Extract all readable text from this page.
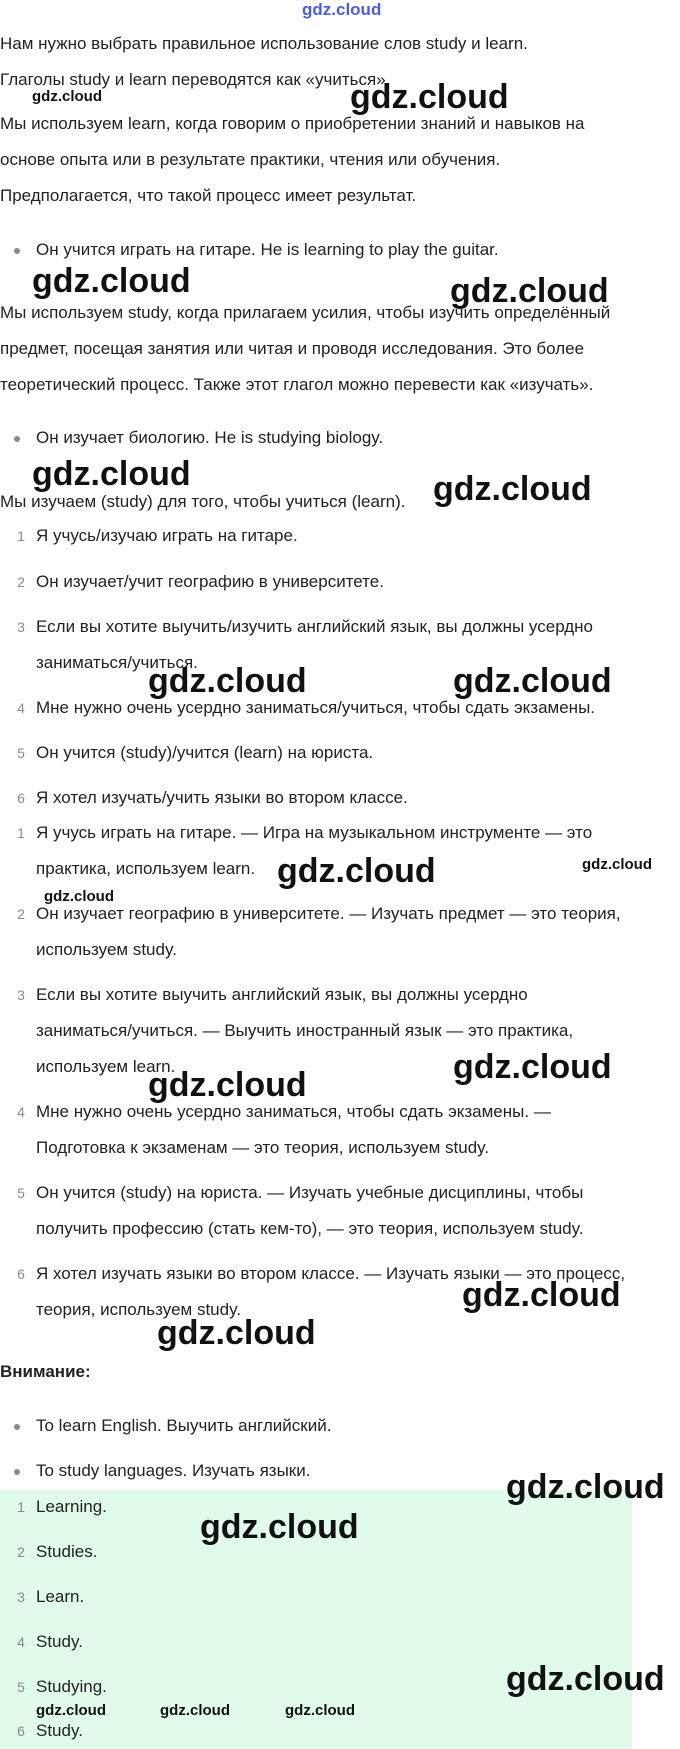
gdz.cloud
Нам нужно выбрать правильное использование слов study и learn.
Глаголы study и learn переводятся как «учиться».
Мы используем learn, когда говорим о приобретении знаний и навыков на
основе опыта или в результате практики, чтения или обучения.
Предполагается, что такой процесс имеет результат.
Он учится играть на гитаре. He is learning to play the guitar.
Мы используем study, когда прилагаем усилия, чтобы изучить определённый
предмет, посещая занятия или читая и проводя исследования. Это более
теоретический процесс. Также этот глагол можно перевести как «изучать».
Он изучает биологию. He is studying biology.
Мы изучаем (study) для того, чтобы учиться (learn).
1 Я учусь/изучаю играть на гитаре.
2 Он изучает/учит географию в университете.
3 Если вы хотите выучить/изучить английский язык, вы должны усердно
заниматься/учиться.
4 Мне нужно очень усердно заниматься/учиться, чтобы сдать экзамены.
5 Он учится (study)/учится (learn) на юриста.
6 Я хотел изучать/учить языки во втором классе.
1 Я учусь играть на гитаре. — Игра на музыкальном инструменте — это
практика, используем learn.
2 Он изучает географию в университете. — Изучать предмет — это теория,
используем study.
3 Если вы хотите выучить английский язык, вы должны усердно
заниматься/учиться. — Выучить иностранный язык — это практика,
используем learn.
4 Мне нужно очень усердно заниматься, чтобы сдать экзамены. —
Подготовка к экзаменам — это теория, используем study.
5 Он учится (study) на юриста. — Изучать учебные дисциплины, чтобы
получить профессию (стать кем-то), — это теория, используем study.
6 Я хотел изучать языки во втором классе. — Изучать языки — это процесс,
теория, используем study.
Внимание:
To learn English. Выучить английский.
To study languages. Изучать языки.
1 Learning.
2 Studies.
3 Learn.
4 Study.
5 Studying.
6 Study.
gdz.cloud	gdz.cloud
gdz.cloud	gdz.cloud
gdz.cloud	gdz.cloud
gdz.cloud	gdz.cloud
gdz.cloud	gdz.cloud
gdz.cloud
gdz.cloud
gdz.cloud
gdz.cloud
gdz.cloud
gdz.cloud
gdz.cloud
gdz.cloud
gdz.cloud	gdz.cloud	gdz.cloud
